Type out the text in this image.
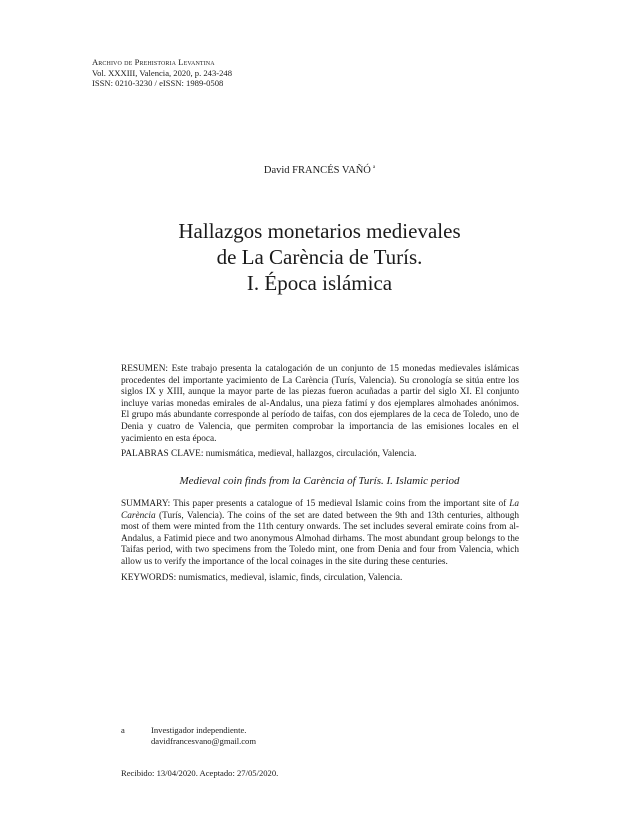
Archivo de Prehistoria Levantina
Vol. XXXIII, Valencia, 2020, p. 243-248
ISSN: 0210-3230 / eISSN: 1989-0508
David FRANCÉS VAÑÓ $^a$
Hallazgos monetarios medievales
de La Carència de Turís.
I. Época islámica

RESUMEN: Este trabajo presenta la catalogación de un conjunto de 15 monedas medievales islámicas procedentes del importante yacimiento de La Carència (Turís, Valencia). Su cronología se sitúa entre los siglos IX y XIII, aunque la mayor parte de las piezas fueron acuñadas a partir del siglo XI. El conjunto incluye varias monedas emirales de al-Andalus, una pieza fatimí y dos ejemplares almohades anónimos. El grupo más abundante corresponde al período de taifas, con dos ejemplares de la ceca de Toledo, uno de Denia y cuatro de Valencia, que permiten comprobar la importancia de las emisiones locales en el yacimiento en esta época.

PALABRAS CLAVE: numismática, medieval, hallazgos, circulación, Valencia.

Medieval coin finds from la Carència of Turís. I. Islamic period

SUMMARY: This paper presents a catalogue of 15 medieval Islamic coins from the important site of La Carència (Turís, Valencia). The coins of the set are dated between the 9th and 13th centuries, although most of them were minted from the 11th century onwards. The set includes several emirate coins from al-Andalus, a Fatimid piece and two anonymous Almohad dirhams. The most abundant group belongs to the Taifas period, with two specimens from the Toledo mint, one from Denia and four from Valencia, which allow us to verify the importance of the local coinages in the site during these centuries.

KEYWORDS: numismatics, medieval, islamic, finds, circulation, Valencia.

a	Investigador independiente.
davidfrancesvano@gmail.com
Recibido: 13/04/2020. Aceptado: 27/05/2020.
